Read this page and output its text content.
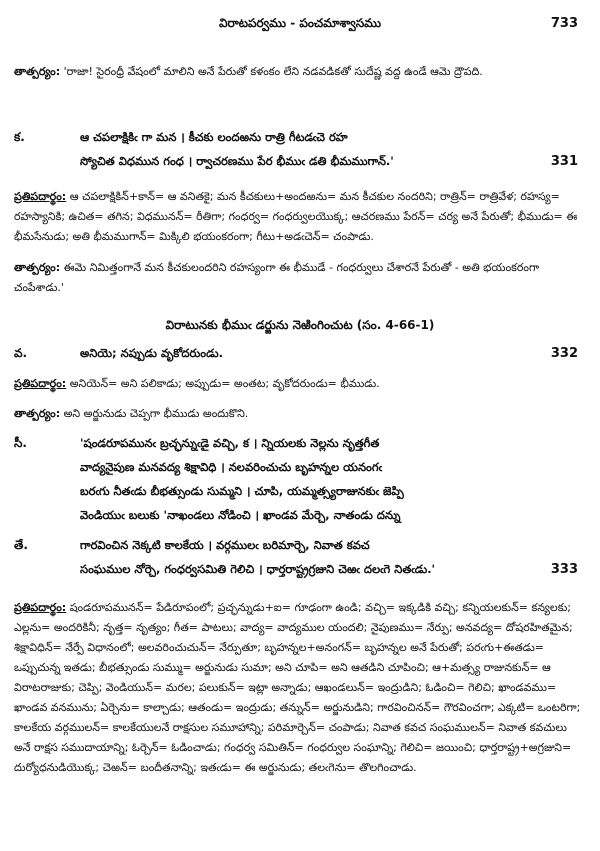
విరాటపర్వము - పంచమాశ్వాసము	733
తాత్పర్యం: 'రాజా! సైరంధ్రీ వేషంలో మాలిని అనే పేరుతో కళంకం లేని నడవడికతో సుదేష్ణ వద్ద ఉండే ఆమె ద్రౌపది.
క.	ఆ చపలాక్షికిఁ గా మన । కీచకు లందఱను రాత్రి గీటడఁచె రహ
స్యోచిత విధమున గంధ । ర్వాచరణము పేర భీముఁ డతి భీమముగాన్.'	331
ప్రతిపదార్థం: ఆ చపలాక్షికిన్+కాన్= ఆ వనితకై; మన కీచకులు+అందఱను= మన కీచకుల నందరిని; రాత్రిన్= రాత్రివేళ; రహస్య= రహస్యానికి; ఉచిత= తగిన; విధమునన్= రీతిగా; గంధర్వ= గంధర్వులయొక్క; ఆచరణము పేరన్= చర్య అనే పేరుతో; భీముడు= ఈ భీమసేనుడు; అతి భీమముగాన్= మిక్కిలి భయంకరంగా; గీటు+అడఁచెన్= చంపాడు.
తాత్పర్యం: ఈమె నిమిత్తంగానే మన కీచకులందరిని రహస్యంగా ఈ భీముడే - గంధర్వులు చేశారనే పేరుతో - అతి భయంకరంగా చంపేశాడు.'
విరాటునకు భీముఁ డర్జును నెఱింగించుట (సం. 4-66-1)
వ.	అనియె; నప్పుడు వృకోదరుండు.	332
ప్రతిపదార్థం: అనియెన్= అని పలికాడు; అప్పుడు= అంతట; వృకోదరుండు= భీముడు.
తాత్పర్యం: అని అర్జునుడు చెప్పగా భీముడు అందుకొని.
సీ.	'షండరూపమునఁ బ్రచ్ఛన్నుఁడై వచ్చి, క । న్నియలకు నెల్లను నృత్తగీత
వాద్యనైపుణ మనవద్య శిక్షావిధి । నలవరించుచు బృహన్నల యనంగఁ
బరఁగు నీతఁడు బీభత్సుండు సుమ్మని । చూపి, యమ్మత్స్యరాజునకుఁ జెప్పి
వెండియుఁ బలుకు 'నాఖండలు నోడించి । ఖాండవ మేర్చె, నాతండు దన్ను
తే.	గారవించిన నెక్కటి కాలకేయ । వర్గములఁ బరిమార్చె, నివాత కవచ
సంఘముల నోర్చె, గంధర్వసమితి గెలిచి । ధార్తరాష్ట్రగ్రజుని చెఱఁ దలఁగె నితఁడు.'	333
ప్రతిపదార్థం: షండరూపమునన్= పేడిరూపంలో; ప్రచ్ఛన్నుడు+ఐ= గూఢంగా ఉండి; వచ్చి= ఇక్కడికి వచ్చి; కన్నియలకున్= కన్యలకు; ఎల్లను= అందరికినీ; నృత్త= నృత్యం; గీత= పాటలు; వాద్య= వాద్యముల యందలి; నైపుణము= నేర్పు; అనవద్య= దోషరహితమైన; శిక్షావిధిన్= నేర్పే విధానంలో; అలవరించుచున్= నేర్పుతూ; బృహన్నల+అనంగన్= బృహన్నల అనే పేరుతో; పరఁగు+ఈతడు= ఒప్పుచున్న ఇతడు; బీభత్సుండు సుమ్ము= అర్జునుడు సుమా; అని చూపి= అని ఆతడిని చూపించి; ఆ+మత్స్య రాజునకున్= ఆ విరాటరాజుకు; చెప్పి; వెండియున్= మరల; పలుకున్= ఇట్లా అన్నాడు; ఆఖండలున్= ఇంద్రుడిని; ఓడించి= గెలిచి; ఖాండవము= ఖాండవ వనమును; ఏర్చెను= కాల్చాడు; ఆతండు= ఇంద్రుడు; తన్నున్= అర్జునుడిని; గారవించినన్= గౌరవించగా; ఎక్కటి= ఒంటరిగా; కాలకేయ వర్గములన్= కాలకేయులనే రాక్షసుల సమూహాన్ని; పరిమార్చెన్= చంపాడు; నివాత కవచ సంఘములన్= నివాత కవచులు అనే రాక్షస సముదాయాన్ని; ఓర్చెన్= ఓడించాడు; గంధర్వ సమితిన్= గంధర్వుల సంఘాన్ని; గెలిచి= జయించి; ధార్తరాష్ట్ర+అగ్రజుని= దుర్యోధనుడియొక్క; చెఱన్= బందీతనాన్ని; ఇతఁడు= ఈ అర్జునుడు; తలఁగెను= తొలగించాడు.
